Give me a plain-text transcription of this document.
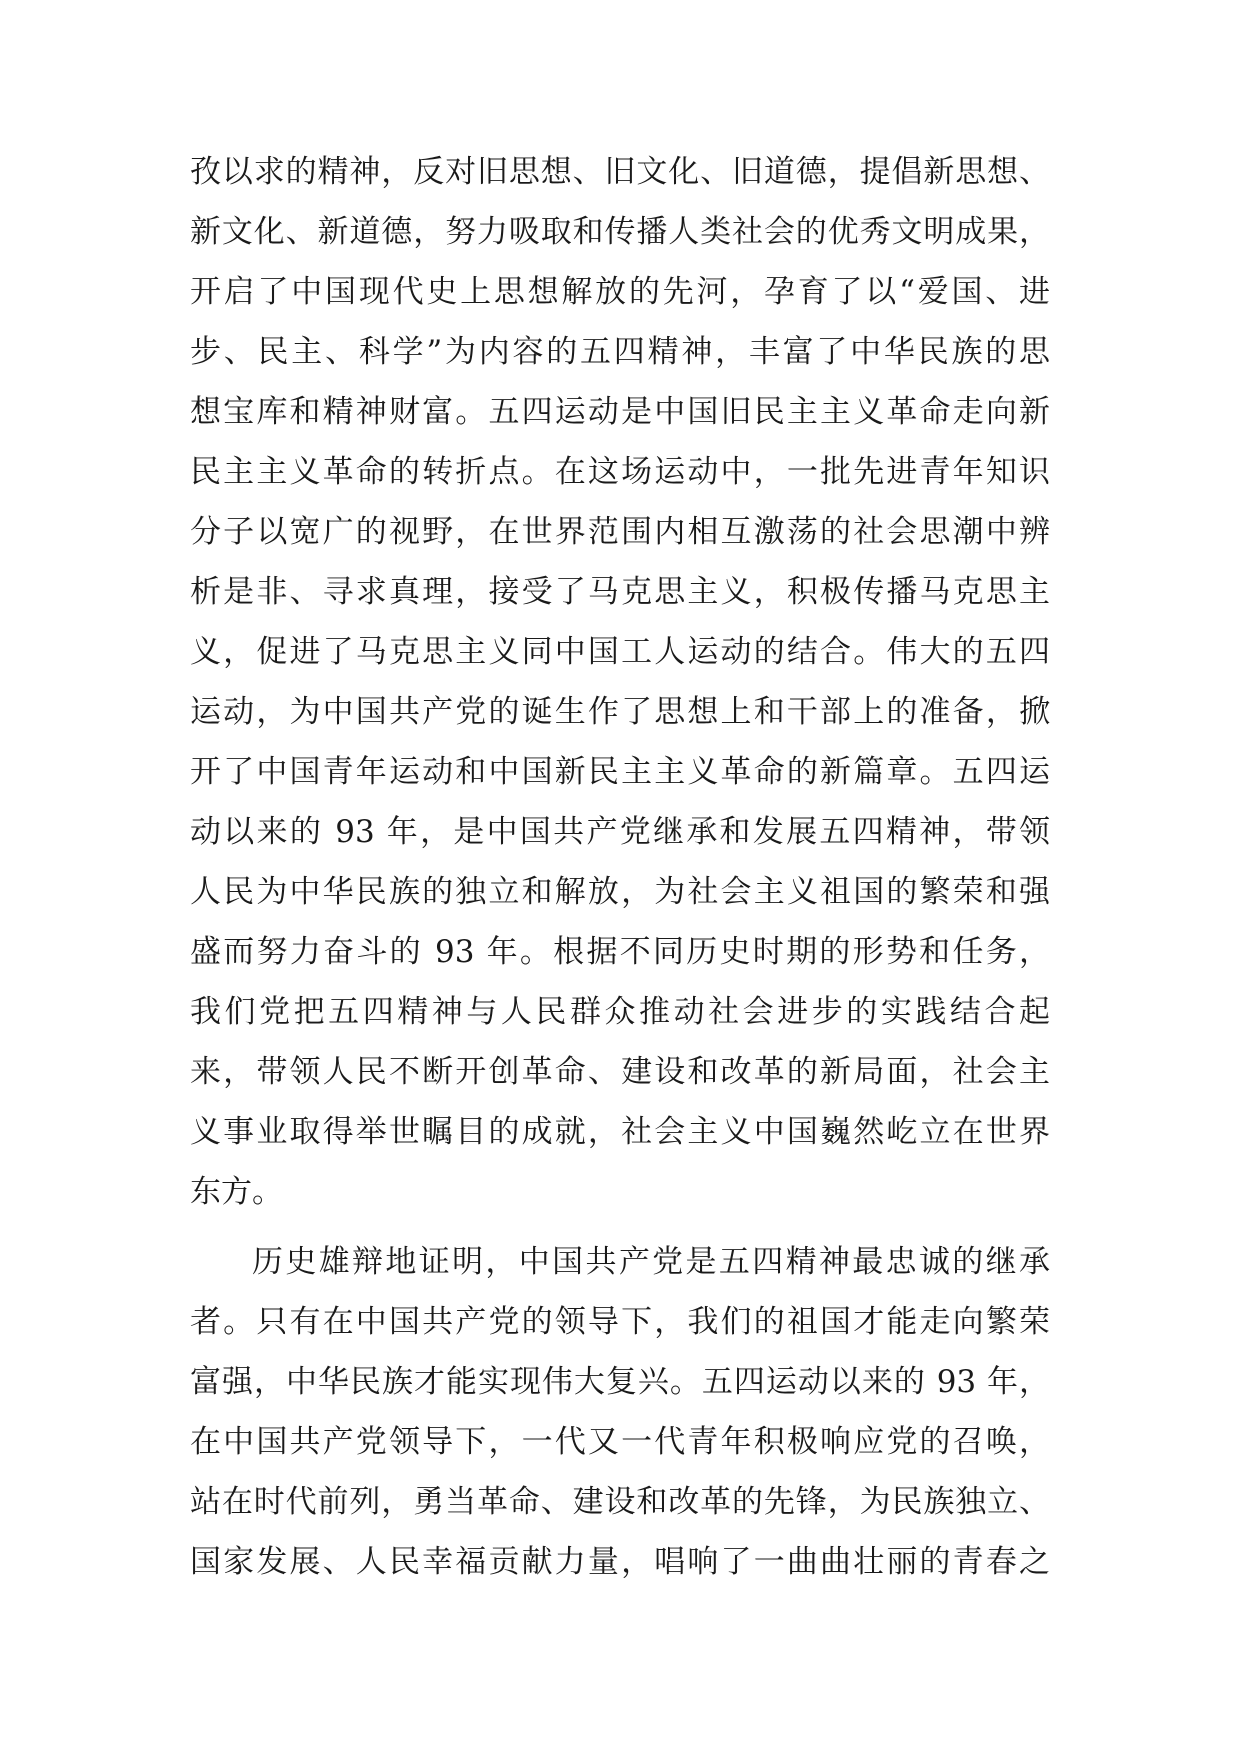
孜以求的精神，反对旧思想、旧文化、旧道德，提倡新思想、
新文化、新道德，努力吸取和传播人类社会的优秀文明成果，
开启了中国现代史上思想解放的先河，孕育了以“爱国、进
步、民主、科学”为内容的五四精神，丰富了中华民族的思
想宝库和精神财富。五四运动是中国旧民主主义革命走向新
民主主义革命的转折点。在这场运动中，一批先进青年知识
分子以宽广的视野，在世界范围内相互激荡的社会思潮中辨
析是非、寻求真理，接受了马克思主义，积极传播马克思主
义，促进了马克思主义同中国工人运动的结合。伟大的五四
运动，为中国共产党的诞生作了思想上和干部上的准备，掀
开了中国青年运动和中国新民主主义革命的新篇章。五四运
动以来的 93 年，是中国共产党继承和发展五四精神，带领
人民为中华民族的独立和解放，为社会主义祖国的繁荣和强
盛而努力奋斗的 93 年。根据不同历史时期的形势和任务，
我们党把五四精神与人民群众推动社会进步的实践结合起
来，带领人民不断开创革命、建设和改革的新局面，社会主
义事业取得举世瞩目的成就，社会主义中国巍然屹立在世界
东方。
历史雄辩地证明，中国共产党是五四精神最忠诚的继承
者。只有在中国共产党的领导下，我们的祖国才能走向繁荣
富强，中华民族才能实现伟大复兴。五四运动以来的 93 年，
在中国共产党领导下，一代又一代青年积极响应党的召唤，
站在时代前列，勇当革命、建设和改革的先锋，为民族独立、
国家发展、人民幸福贡献力量，唱响了一曲曲壮丽的青春之
